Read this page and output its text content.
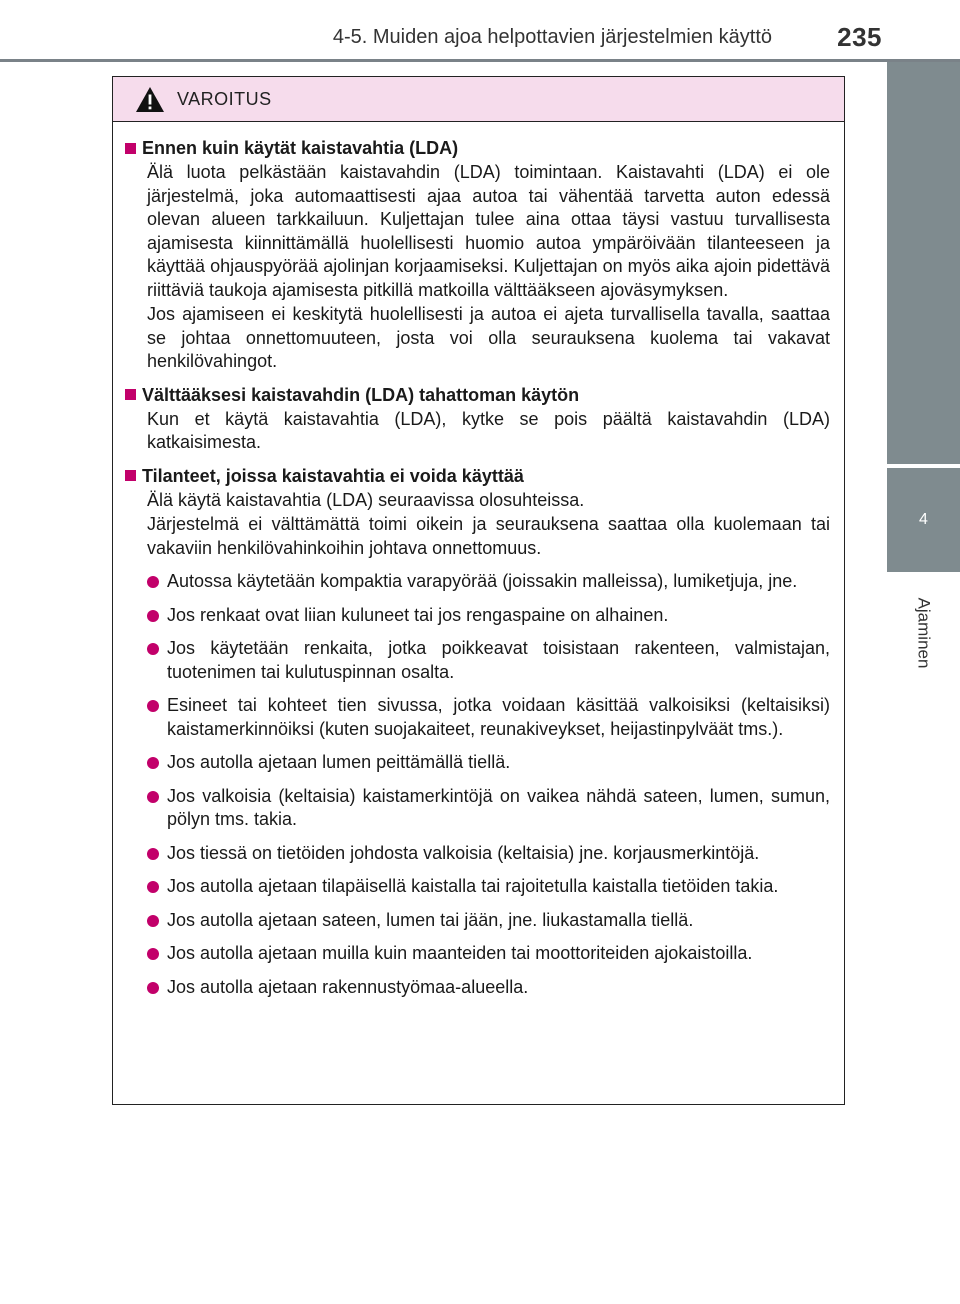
4-5. Muiden ajoa helpottavien järjestelmien käyttö	235
4
Ajaminen
VAROITUS
Ennen kuin käytät kaistavahtia (LDA)

Älä luota pelkästään kaistavahdin (LDA) toimintaan. Kaistavahti (LDA) ei ole järjestelmä, joka automaattisesti ajaa autoa tai vähentää tarvetta auton edessä olevan alueen tarkkailuun. Kuljettajan tulee aina ottaa täysi vastuu turvallisesta ajamisesta kiinnittämällä huolellisesti huomio autoa ympäröivään tilanteeseen ja käyttää ohjauspyörää ajolinjan korjaamiseksi. Kuljettajan on myös aika ajoin pidettävä riittäviä taukoja ajamisesta pitkillä matkoilla välttääkseen ajoväsymyksen.

Jos ajamiseen ei keskitytä huolellisesti ja autoa ei ajeta turvallisella tavalla, saattaa se johtaa onnettomuuteen, josta voi olla seurauksena kuolema tai vakavat henkilövahingot.

Välttääksesi kaistavahdin (LDA) tahattoman käytön

Kun et käytä kaistavahtia (LDA), kytke se pois päältä kaistavahdin (LDA) katkaisimesta.

Tilanteet, joissa kaistavahtia ei voida käyttää

Älä käytä kaistavahtia (LDA) seuraavissa olosuhteissa.

Järjestelmä ei välttämättä toimi oikein ja seurauksena saattaa olla kuolemaan tai vakaviin henkilövahinkoihin johtava onnettomuus.

Autossa käytetään kompaktia varapyörää (joissakin malleissa), lumiketjuja, jne.
Jos renkaat ovat liian kuluneet tai jos rengaspaine on alhainen.
Jos käytetään renkaita, jotka poikkeavat toisistaan rakenteen, valmistajan, tuotenimen tai kulutuspinnan osalta.
Esineet tai kohteet tien sivussa, jotka voidaan käsittää valkoisiksi (keltaisiksi) kaistamerkinnöiksi (kuten suojakaiteet, reunakiveykset, heijastinpylväät tms.).
Jos autolla ajetaan lumen peittämällä tiellä.
Jos valkoisia (keltaisia) kaistamerkintöjä on vaikea nähdä sateen, lumen, sumun, pölyn tms. takia.
Jos tiessä on tietöiden johdosta valkoisia (keltaisia) jne. korjausmerkintöjä.
Jos autolla ajetaan tilapäisellä kaistalla tai rajoitetulla kaistalla tietöiden takia.
Jos autolla ajetaan sateen, lumen tai jään, jne. liukastamalla tiellä.
Jos autolla ajetaan muilla kuin maanteiden tai moottoriteiden ajokaistoilla.
Jos autolla ajetaan rakennustyömaa-alueella.
